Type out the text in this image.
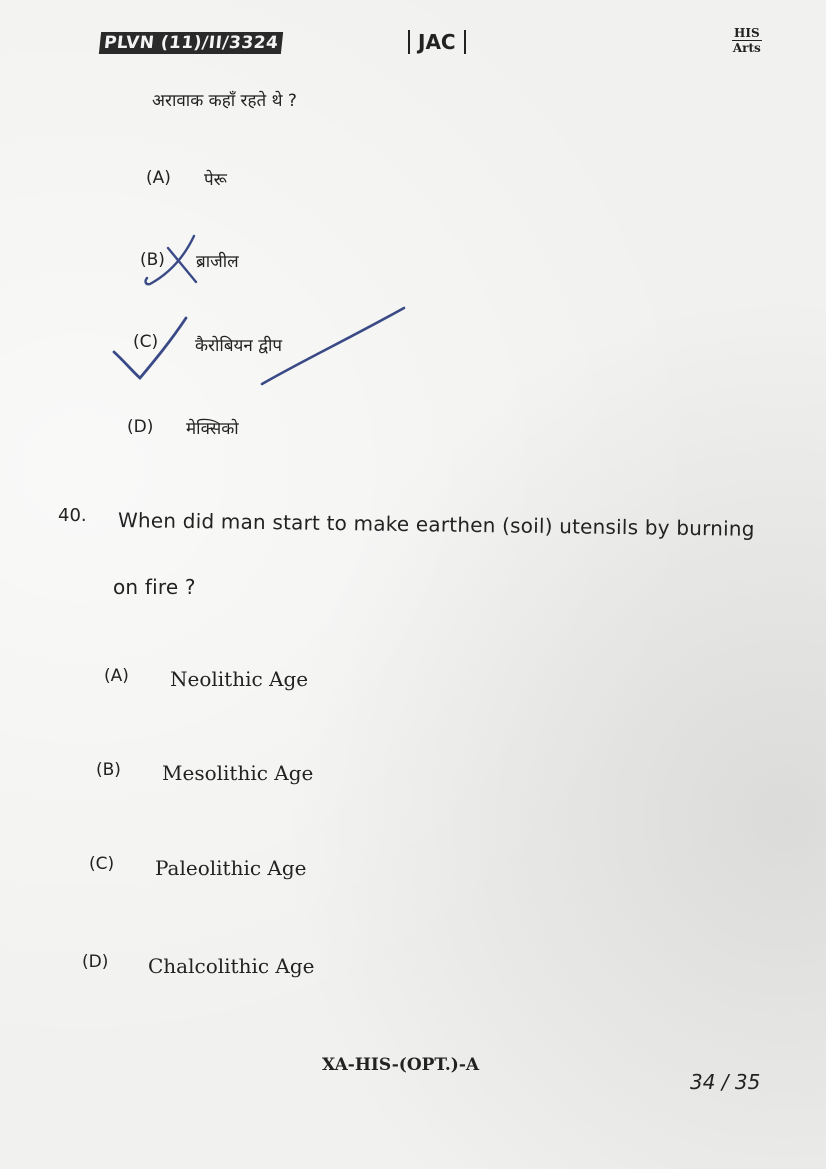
PLVN (11)/II/3324	JAC	HIS
Arts
अरावाक कहाँ रहते थे ?
(A) पेरू
(B) ब्राजील
(C) कैरोबियन द्वीप
(D) मेक्सिको
40. When did man start to make earthen (soil) utensils by burning
on fire ?
(A) Neolithic Age
(B) Mesolithic Age
(C) Paleolithic Age
(D) Chalcolithic Age
XA-HIS-(OPT.)-A
34 / 35
